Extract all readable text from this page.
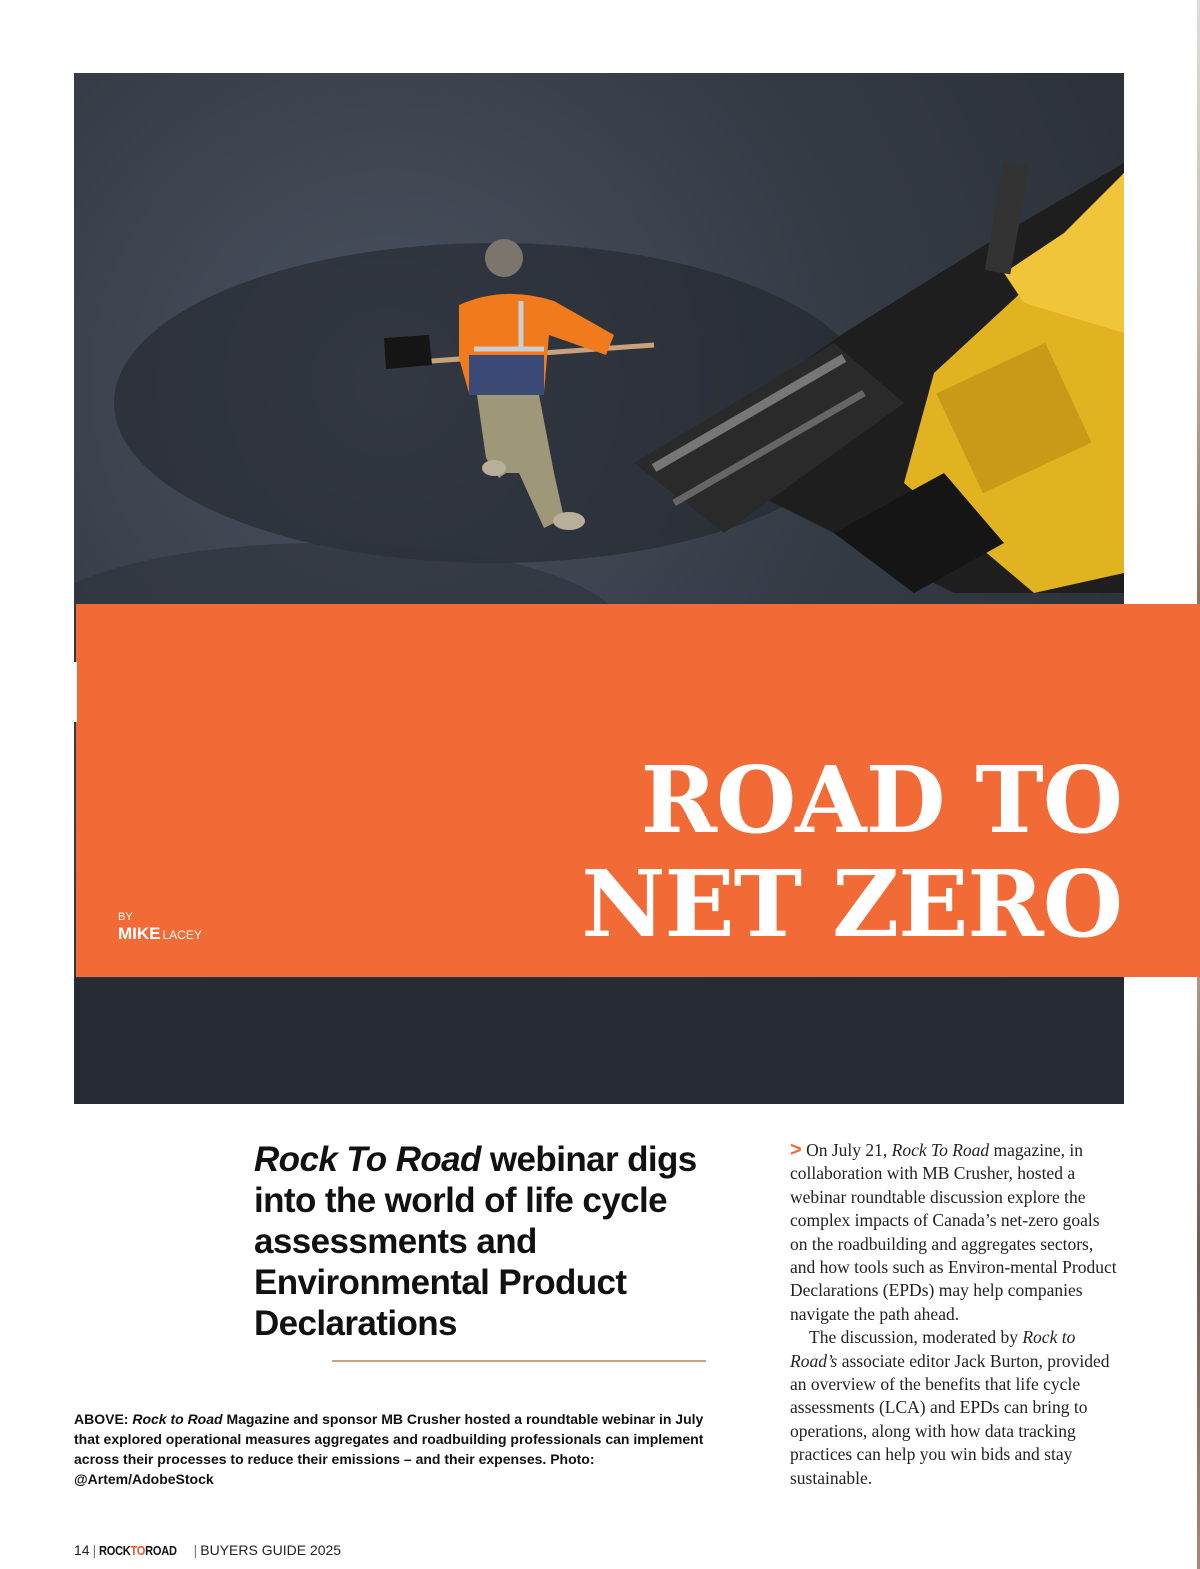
ROAD TO
NET ZERO
BY
MIKE LACEY
Rock To Road webinar digs into the world of life cycle assessments and Environmental Product Declarations

ABOVE: Rock to Road Magazine and sponsor MB Crusher hosted a roundtable webinar in July that explored operational measures aggregates and roadbuilding professionals can implement across their processes to reduce their emissions – and their expenses. Photo: @Artem/AdobeStock

> On July 21, Rock To Road magazine, in collaboration with MB Crusher, hosted a webinar roundtable discussion explore the complex impacts of Canada’s net-zero goals on the roadbuilding and aggregates sectors, and how tools such as Environ-mental Product Declarations (EPDs) may help companies navigate the path ahead.

The discussion, moderated by Rock to Road’s associate editor Jack Burton, provided an overview of the benefits that life cycle assessments (LCA) and EPDs can bring to operations, along with how data tracking practices can help you win bids and stay sustainable.

14 | ROCKTOROAD | BUYERS GUIDE 2025
